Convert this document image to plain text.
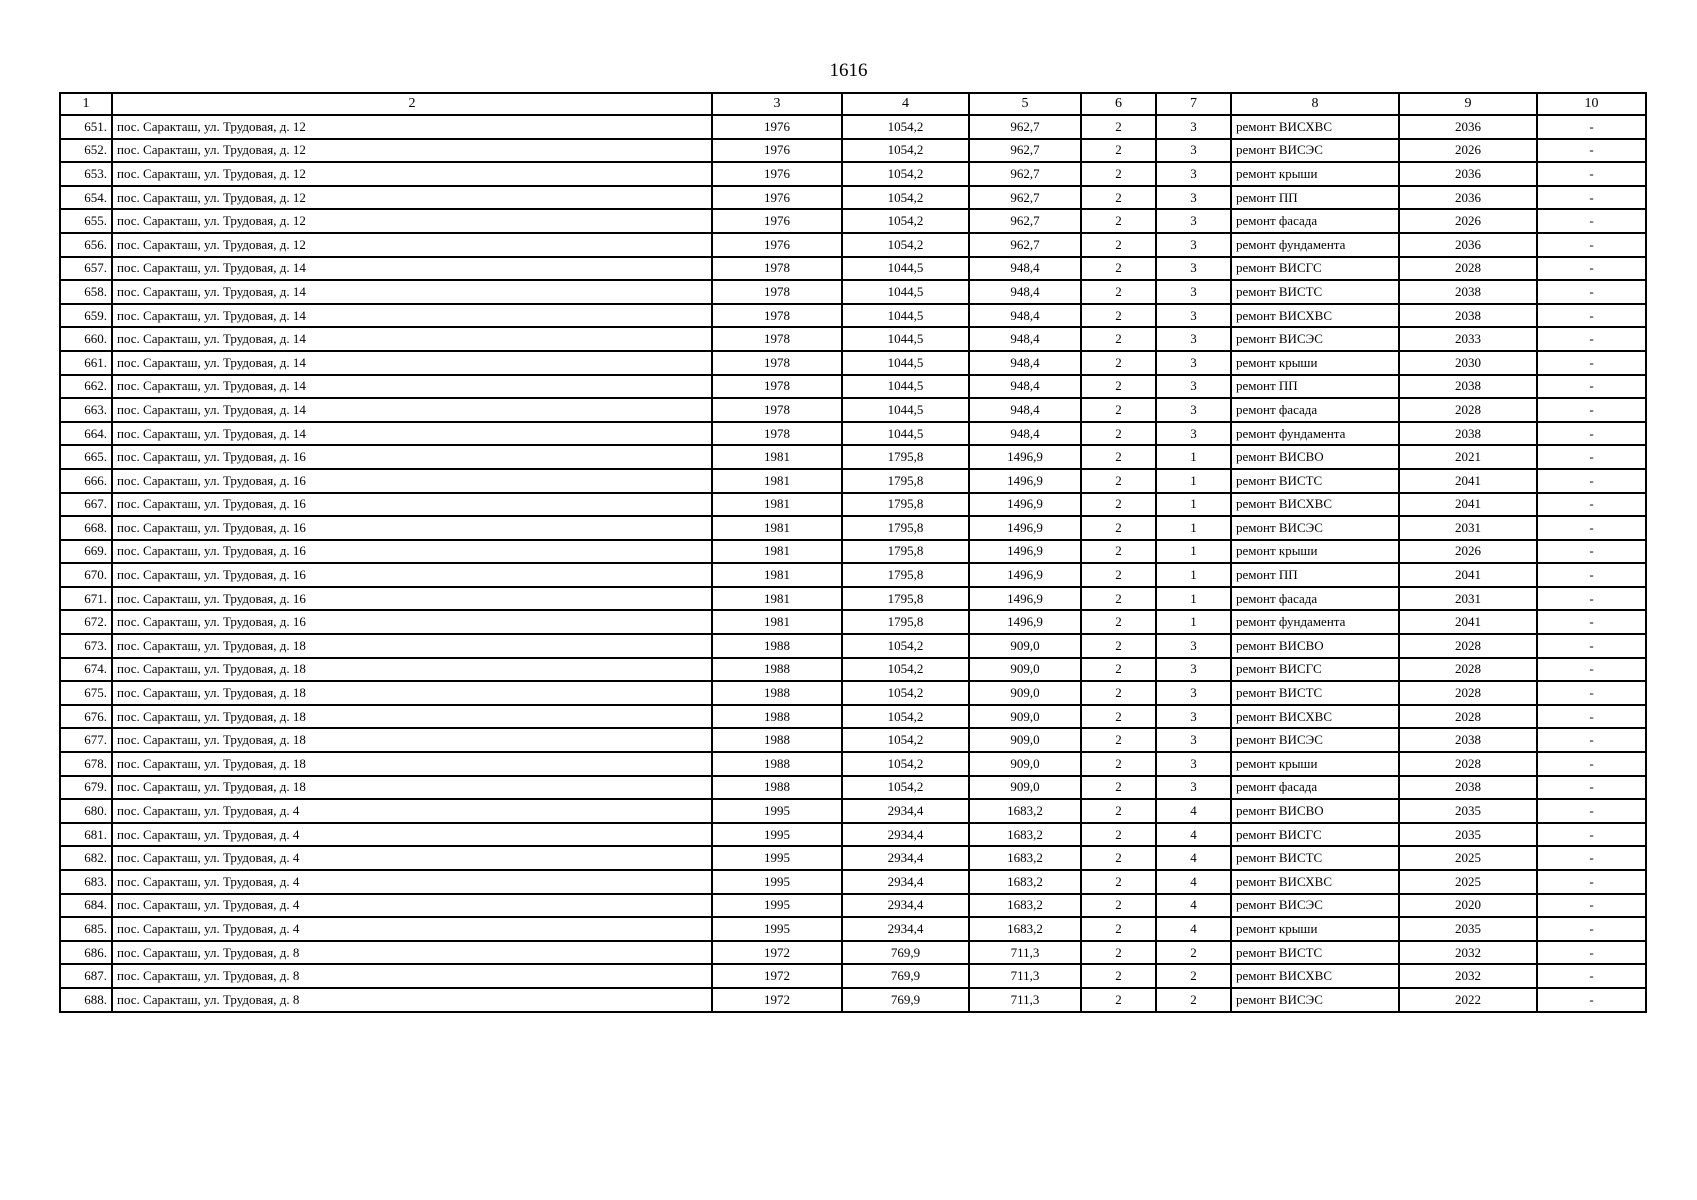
1616
1	2	3	4	5	6	7	8	9	10
651.	пос. Саракташ, ул. Трудовая, д. 12	1976	1054,2	962,7	2	3	ремонт ВИСХВС	2036	-
652.	пос. Саракташ, ул. Трудовая, д. 12	1976	1054,2	962,7	2	3	ремонт ВИСЭС	2026	-
653.	пос. Саракташ, ул. Трудовая, д. 12	1976	1054,2	962,7	2	3	ремонт крыши	2036	-
654.	пос. Саракташ, ул. Трудовая, д. 12	1976	1054,2	962,7	2	3	ремонт ПП	2036	-
655.	пос. Саракташ, ул. Трудовая, д. 12	1976	1054,2	962,7	2	3	ремонт фасада	2026	-
656.	пос. Саракташ, ул. Трудовая, д. 12	1976	1054,2	962,7	2	3	ремонт фундамента	2036	-
657.	пос. Саракташ, ул. Трудовая, д. 14	1978	1044,5	948,4	2	3	ремонт ВИСГС	2028	-
658.	пос. Саракташ, ул. Трудовая, д. 14	1978	1044,5	948,4	2	3	ремонт ВИСТС	2038	-
659.	пос. Саракташ, ул. Трудовая, д. 14	1978	1044,5	948,4	2	3	ремонт ВИСХВС	2038	-
660.	пос. Саракташ, ул. Трудовая, д. 14	1978	1044,5	948,4	2	3	ремонт ВИСЭС	2033	-
661.	пос. Саракташ, ул. Трудовая, д. 14	1978	1044,5	948,4	2	3	ремонт крыши	2030	-
662.	пос. Саракташ, ул. Трудовая, д. 14	1978	1044,5	948,4	2	3	ремонт ПП	2038	-
663.	пос. Саракташ, ул. Трудовая, д. 14	1978	1044,5	948,4	2	3	ремонт фасада	2028	-
664.	пос. Саракташ, ул. Трудовая, д. 14	1978	1044,5	948,4	2	3	ремонт фундамента	2038	-
665.	пос. Саракташ, ул. Трудовая, д. 16	1981	1795,8	1496,9	2	1	ремонт ВИСВО	2021	-
666.	пос. Саракташ, ул. Трудовая, д. 16	1981	1795,8	1496,9	2	1	ремонт ВИСТС	2041	-
667.	пос. Саракташ, ул. Трудовая, д. 16	1981	1795,8	1496,9	2	1	ремонт ВИСХВС	2041	-
668.	пос. Саракташ, ул. Трудовая, д. 16	1981	1795,8	1496,9	2	1	ремонт ВИСЭС	2031	-
669.	пос. Саракташ, ул. Трудовая, д. 16	1981	1795,8	1496,9	2	1	ремонт крыши	2026	-
670.	пос. Саракташ, ул. Трудовая, д. 16	1981	1795,8	1496,9	2	1	ремонт ПП	2041	-
671.	пос. Саракташ, ул. Трудовая, д. 16	1981	1795,8	1496,9	2	1	ремонт фасада	2031	-
672.	пос. Саракташ, ул. Трудовая, д. 16	1981	1795,8	1496,9	2	1	ремонт фундамента	2041	-
673.	пос. Саракташ, ул. Трудовая, д. 18	1988	1054,2	909,0	2	3	ремонт ВИСВО	2028	-
674.	пос. Саракташ, ул. Трудовая, д. 18	1988	1054,2	909,0	2	3	ремонт ВИСГС	2028	-
675.	пос. Саракташ, ул. Трудовая, д. 18	1988	1054,2	909,0	2	3	ремонт ВИСТС	2028	-
676.	пос. Саракташ, ул. Трудовая, д. 18	1988	1054,2	909,0	2	3	ремонт ВИСХВС	2028	-
677.	пос. Саракташ, ул. Трудовая, д. 18	1988	1054,2	909,0	2	3	ремонт ВИСЭС	2038	-
678.	пос. Саракташ, ул. Трудовая, д. 18	1988	1054,2	909,0	2	3	ремонт крыши	2028	-
679.	пос. Саракташ, ул. Трудовая, д. 18	1988	1054,2	909,0	2	3	ремонт фасада	2038	-
680.	пос. Саракташ, ул. Трудовая, д. 4	1995	2934,4	1683,2	2	4	ремонт ВИСВО	2035	-
681.	пос. Саракташ, ул. Трудовая, д. 4	1995	2934,4	1683,2	2	4	ремонт ВИСГС	2035	-
682.	пос. Саракташ, ул. Трудовая, д. 4	1995	2934,4	1683,2	2	4	ремонт ВИСТС	2025	-
683.	пос. Саракташ, ул. Трудовая, д. 4	1995	2934,4	1683,2	2	4	ремонт ВИСХВС	2025	-
684.	пос. Саракташ, ул. Трудовая, д. 4	1995	2934,4	1683,2	2	4	ремонт ВИСЭС	2020	-
685.	пос. Саракташ, ул. Трудовая, д. 4	1995	2934,4	1683,2	2	4	ремонт крыши	2035	-
686.	пос. Саракташ, ул. Трудовая, д. 8	1972	769,9	711,3	2	2	ремонт ВИСТС	2032	-
687.	пос. Саракташ, ул. Трудовая, д. 8	1972	769,9	711,3	2	2	ремонт ВИСХВС	2032	-
688.	пос. Саракташ, ул. Трудовая, д. 8	1972	769,9	711,3	2	2	ремонт ВИСЭС	2022	-
